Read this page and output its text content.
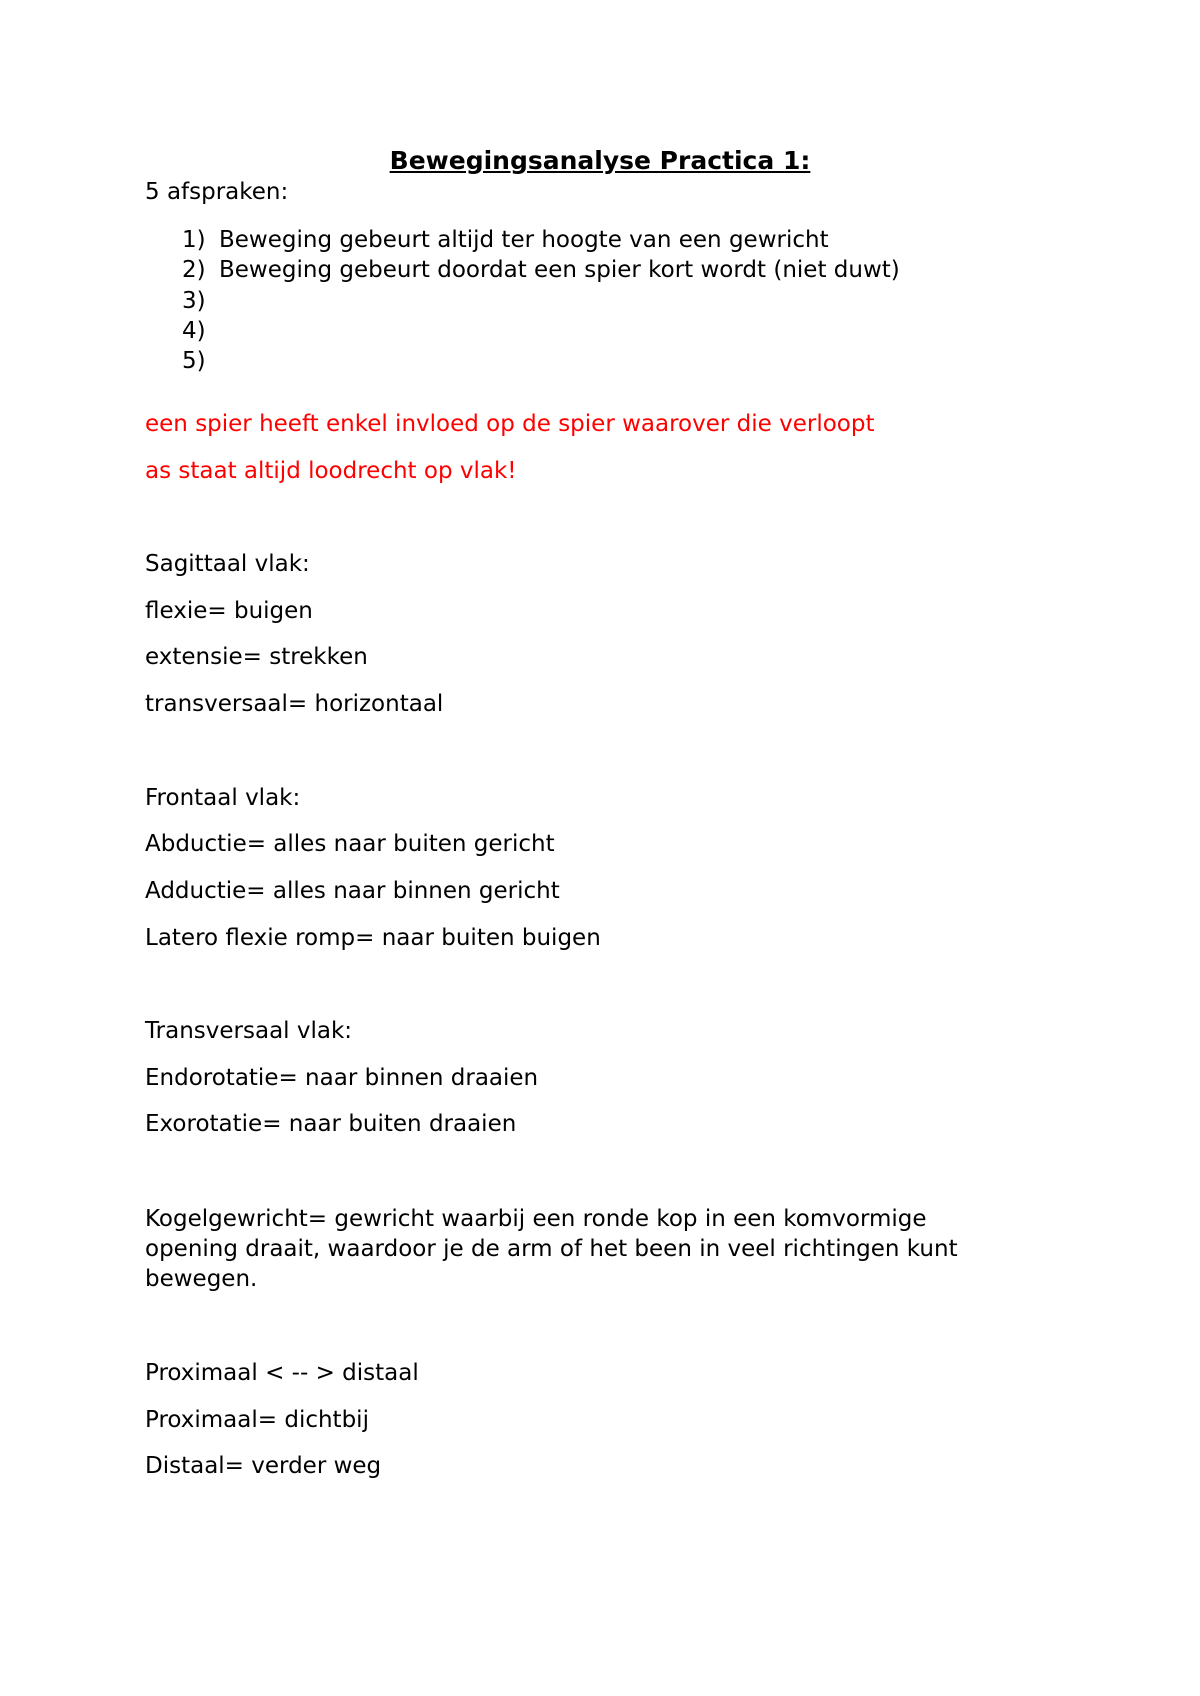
Bewegingsanalyse Practica 1:
5 afspraken:
1) Beweging gebeurt altijd ter hoogte van een gewricht
2) Beweging gebeurt doordat een spier kort wordt (niet duwt)
3)
4)
5)
een spier heeft enkel invloed op de spier waarover die verloopt
as staat altijd loodrecht op vlak!
Sagittaal vlak:
flexie= buigen
extensie= strekken
transversaal= horizontaal
Frontaal vlak:
Abductie= alles naar buiten gericht
Adductie= alles naar binnen gericht
Latero flexie romp= naar buiten buigen
Transversaal vlak:
Endorotatie= naar binnen draaien
Exorotatie= naar buiten draaien
Kogelgewricht= gewricht waarbij een ronde kop in een komvormige opening draait, waardoor je de arm of het been in veel richtingen kunt bewegen.
Proximaal < -- > distaal
Proximaal= dichtbij
Distaal= verder weg
